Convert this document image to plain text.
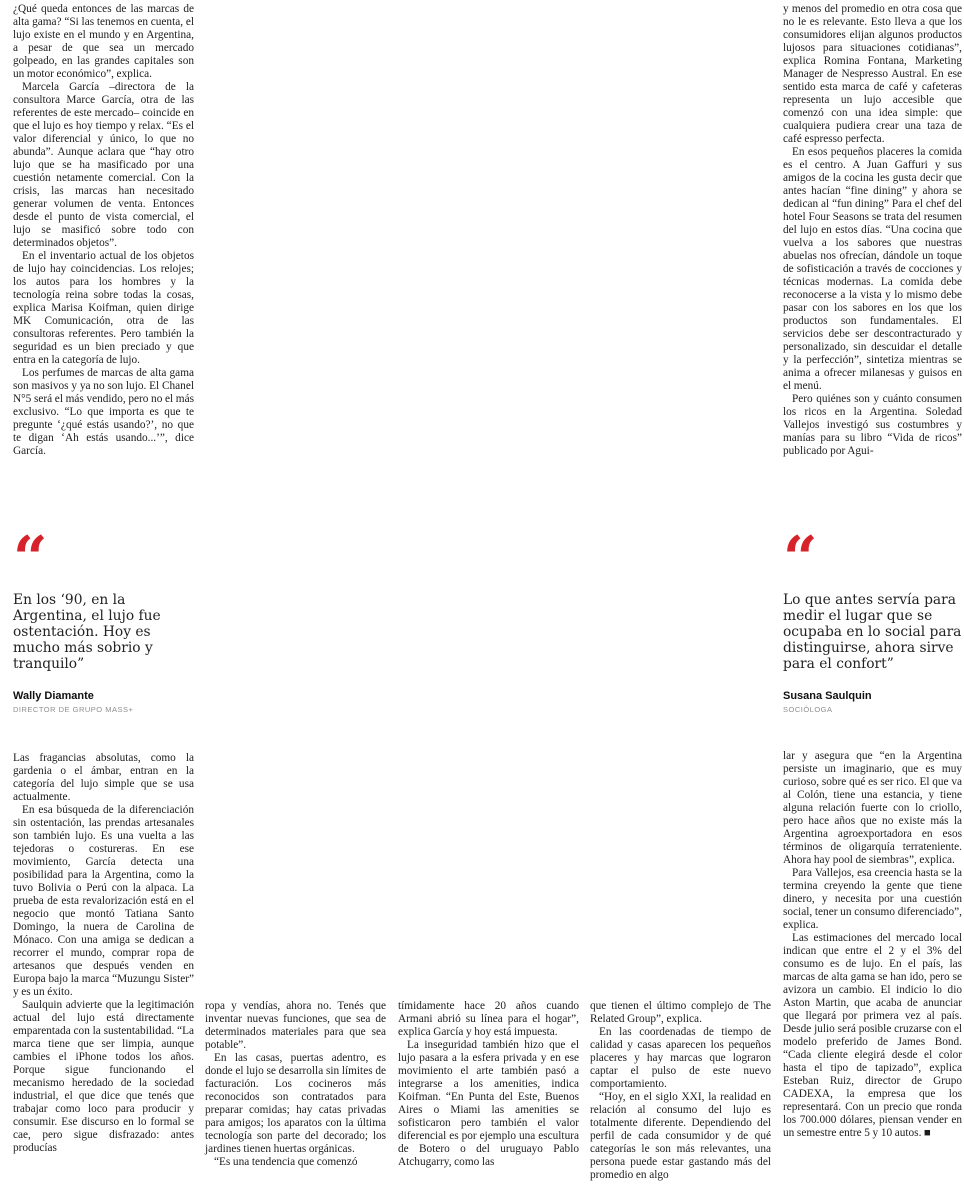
¿Qué queda entonces de las marcas de alta gama? “Si las tenemos en cuenta, el lujo existe en el mundo y en Argentina, a pesar de que sea un mercado golpeado, en las grandes capitales son un motor económico”, explica.

Marcela García –directora de la consultora Marce García, otra de las referentes de este mercado– coincide en que el lujo es hoy tiempo y relax. “Es el valor diferencial y único, lo que no abunda”. Aunque aclara que “hay otro lujo que se ha masificado por una cuestión netamente comercial. Con la crisis, las marcas han necesitado generar volumen de venta. Entonces desde el punto de vista comercial, el lujo se masificó sobre todo con determinados objetos”.

En el inventario actual de los objetos de lujo hay coincidencias. Los relojes; los autos para los hombres y la tecnología reina sobre todas la cosas, explica Marisa Koifman, quien dirige MK Comunicación, otra de las consultoras referentes. Pero también la seguridad es un bien preciado y que entra en la categoría de lujo.

Los perfumes de marcas de alta gama son masivos y ya no son lujo. El Chanel N°5 será el más vendido, pero no el más exclusivo. “Lo que importa es que te pregunte ‘¿qué estás usando?’, no que te digan ‘Ah estás usando...’”, dice García.

“
En los ‘90, en la Argentina, el lujo fue ostentación. Hoy es mucho más sobrio y tranquilo”
Wally Diamante
DIRECTOR DE GRUPO MASS+

Las fragancias absolutas, como la gardenia o el ámbar, entran en la categoría del lujo simple que se usa actualmente.

En esa búsqueda de la diferenciación sin ostentación, las prendas artesanales son también lujo. Es una vuelta a las tejedoras o costureras. En ese movimiento, García detecta una posibilidad para la Argentina, como la tuvo Bolivia o Perú con la alpaca. La prueba de esta revalorización está en el negocio que montó Tatiana Santo Domingo, la nuera de Carolina de Mónaco. Con una amiga se dedican a recorrer el mundo, comprar ropa de artesanos que después venden en Europa bajo la marca “Muzungu Sister” y es un éxito.

Saulquin advierte que la legitimación actual del lujo está directamente emparentada con la sustentabilidad. “La marca tiene que ser limpia, aunque cambies el iPhone todos los años. Porque sigue funcionando el mecanismo heredado de la sociedad industrial, el que dice que tenés que trabajar como loco para producir y consumir. Ese discurso en lo formal se cae, pero sigue disfrazado: antes producías

ropa y vendías, ahora no. Tenés que inventar nuevas funciones, que sea de determinados materiales para que sea potable”.

En las casas, puertas adentro, es donde el lujo se desarrolla sin límites de facturación. Los cocineros más reconocidos son contratados para preparar comidas; hay catas privadas para amigos; los aparatos con la última tecnología son parte del decorado; los jardines tienen huertas orgánicas.

“Es una tendencia que comenzó

tímidamente hace 20 años cuando Armani abrió su línea para el hogar”, explica García y hoy está impuesta.

La inseguridad también hizo que el lujo pasara a la esfera privada y en ese movimiento el arte también pasó a integrarse a los amenities, indica Koifman. “En Punta del Este, Buenos Aires o Miami las amenities se sofisticaron pero también el valor diferencial es por ejemplo una escultura de Botero o del uruguayo Pablo Atchugarry, como las

que tienen el último complejo de The Related Group”, explica.

En las coordenadas de tiempo de calidad y casas aparecen los pequeños placeres y hay marcas que lograron captar el pulso de este nuevo comportamiento.

“Hoy, en el siglo XXI, la realidad en relación al consumo del lujo es totalmente diferente. Dependiendo del perfil de cada consumidor y de qué categorías le son más relevantes, una persona puede estar gastando más del promedio en algo

y menos del promedio en otra cosa que no le es relevante. Esto lleva a que los consumidores elijan algunos productos lujosos para situaciones cotidianas”, explica Romina Fontana, Marketing Manager de Nespresso Austral. En ese sentido esta marca de café y cafeteras representa un lujo accesible que comenzó con una idea simple: que cualquiera pudiera crear una taza de café espresso perfecta.

En esos pequeños placeres la comida es el centro. A Juan Gaffuri y sus amigos de la cocina les gusta decir que antes hacían “fine dining” y ahora se dedican al “fun dining” Para el chef del hotel Four Seasons se trata del resumen del lujo en estos días. “Una cocina que vuelva a los sabores que nuestras abuelas nos ofrecían, dándole un toque de sofisticación a través de cocciones y técnicas modernas. La comida debe reconocerse a la vista y lo mismo debe pasar con los sabores en los que los productos son fundamentales. El servicios debe ser descontracturado y personalizado, sin descuidar el detalle y la perfección”, sintetiza mientras se anima a ofrecer milanesas y guisos en el menú.

Pero quiénes son y cuánto consumen los ricos en la Argentina. Soledad Vallejos investigó sus costumbres y manías para su libro “Vida de ricos” publicado por Agui-

“
Lo que antes servía para medir el lugar que se ocupaba en lo social para distinguirse, ahora sirve para el confort”
Susana Saulquin
SOCIÓLOGA

lar y asegura que “en la Argentina persiste un imaginario, que es muy curioso, sobre qué es ser rico. El que va al Colón, tiene una estancia, y tiene alguna relación fuerte con lo criollo, pero hace años que no existe más la Argentina agroexportadora en esos términos de oligarquía terrateniente. Ahora hay pool de siembras”, explica.

Para Vallejos, esa creencia hasta se la termina creyendo la gente que tiene dinero, y necesita por una cuestión social, tener un consumo diferenciado”, explica.

Las estimaciones del mercado local indican que entre el 2 y el 3% del consumo es de lujo. En el país, las marcas de alta gama se han ido, pero se avizora un cambio. El indicio lo dio Aston Martin, que acaba de anunciar que llegará por primera vez al país. Desde julio será posible cruzarse con el modelo preferido de James Bond. “Cada cliente elegirá desde el color hasta el tipo de tapizado”, explica Esteban Ruiz, director de Grupo CADEXA, la empresa que los representará. Con un precio que ronda los 700.000 dólares, piensan vender en un semestre entre 5 y 10 autos. ■
